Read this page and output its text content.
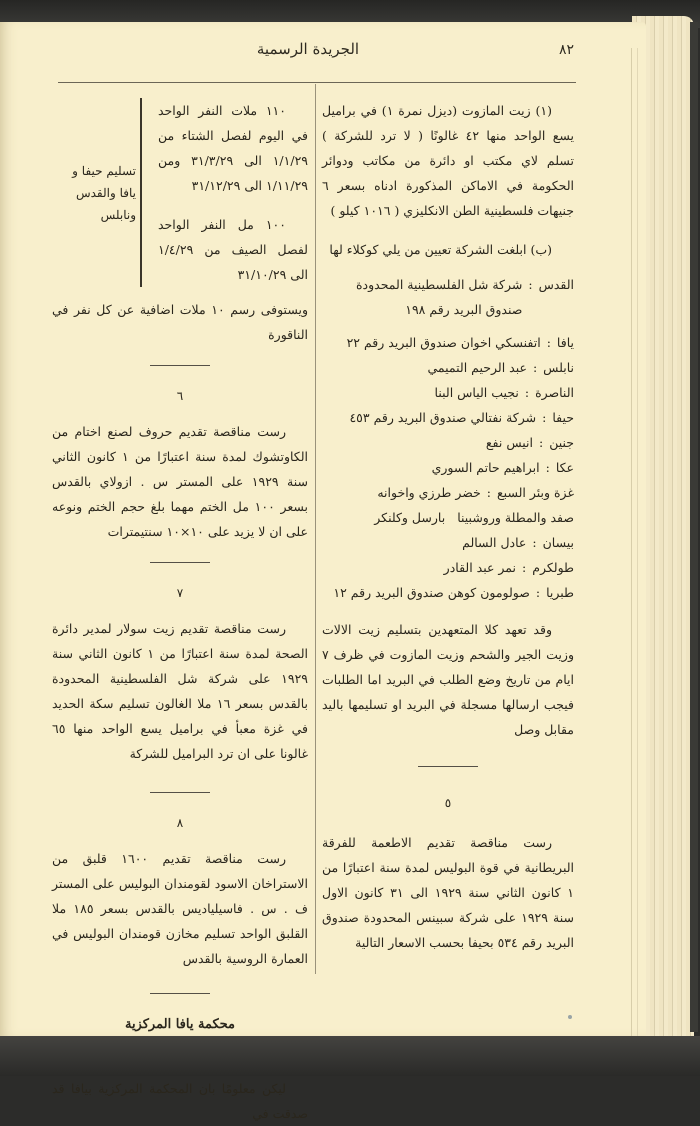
٨٢
الجريدة الرسمية

(١) زيت المازوت (ديزل نمرة ١) في براميل يسع الواحد منها ٤٢ غالونًا ( لا ترد للشركة ) تسلم لاي مكتب او دائرة من مكاتب ودوائر الحكومة في الاماكن المذكورة ادناه بسعر ٦ جنيهات فلسطينية الطن الانكليزي ( ١٠١٦ كيلو )

(ب) ابلغت الشركة تعيين من يلي كوكلاء لها

القدس
:
شركة شل الفلسطينية المحدودة صندوق البريد رقم ١٩٨
يافا
:
اتفنسكي اخوان صندوق البريد رقم ٢٢
نابلس
:
عبد الرحيم التميمي
الناصرة
:
نجيب الياس البنا
حيفا
:
شركة نفتالي صندوق البريد رقم ٤٥٣
جنين
:
انيس نفع
عكا
:
ابراهيم حاتم السوري
غزة وبئر السبع
:
خضر طرزي واخوانه
صفد والمطلة وروشبينا
بارسل وكلنكر
بيسان
:
عادل السالم
طولكرم
:
نمر عبد القادر
طبريا
:
صولومون كوهن صندوق البريد رقم ١٢

وقد تعهد كلا المتعهدين بتسليم زيت الالات وزيت الجير والشحم وزيت المازوت في ظرف ٧ ايام من تاريخ وضع الطلب في البريد اما الطلبات فيجب ارسالها مسجلة في البريد او تسليمها باليد مقابل وصل

٥

رست مناقصة تقديم الاطعمة للفرقة البريطانية في قوة البوليس لمدة سنة اعتبارًا من ١ كانون الثاني سنة ١٩٢٩ الى ٣١ كانون الاول سنة ١٩٢٩ على شركة سبينس المحدودة صندوق البريد رقم ٥٣٤ بحيفا بحسب الاسعار التالية

١١٠ ملات النفر الواحد في اليوم لفصل الشتاء من ١/١/٢٩ الى ٣١/٣/٢٩ ومن ١/١١/٢٩ الى ٣١/١٢/٢٩

١٠٠ مل النفر الواحد لفصل الصيف من ١/٤/٢٩ الى ٣١/١٠/٢٩

تسليم حيفا و يافا والقدس ونابلس

ويستوفى رسم ١٠ ملات اضافية عن كل نفر في الناقورة

٦

رست مناقصة تقديم حروف لصنع اختام من الكاوتشوك لمدة سنة اعتبارًا من ١ كانون الثاني سنة ١٩٢٩ على المستر س . ازولاي بالقدس بسعر ١٠٠ مل الختم مهما بلغ حجم الختم ونوعه على ان لا يزيد على ١٠×١٠ سنتيمترات

٧

رست مناقصة تقديم زيت سولار لمدير دائرة الصحة لمدة سنة اعتبارًا من ١ كانون الثاني سنة ١٩٢٩ على شركة شل الفلسطينية المحدودة بالقدس بسعر ١٦ ملا الغالون تسليم سكة الحديد في غزة معبأ في براميل يسع الواحد منها ٦٥ غالونا على ان ترد البراميل للشركة

٨

رست مناقصة تقديم ١٦٠٠ قلبق من الاستراخان الاسود لقومندان البوليس على المستر ف . س . فاسيلياديس بالقدس بسعر ١٨٥ ملا القلبق الواحد تسليم مخازن قومندان البوليس في العمارة الروسية بالقدس

محكمة يافا المركزية

ليكن معلومًا بان المحكمة المركزية بيافا قد صدقت في
